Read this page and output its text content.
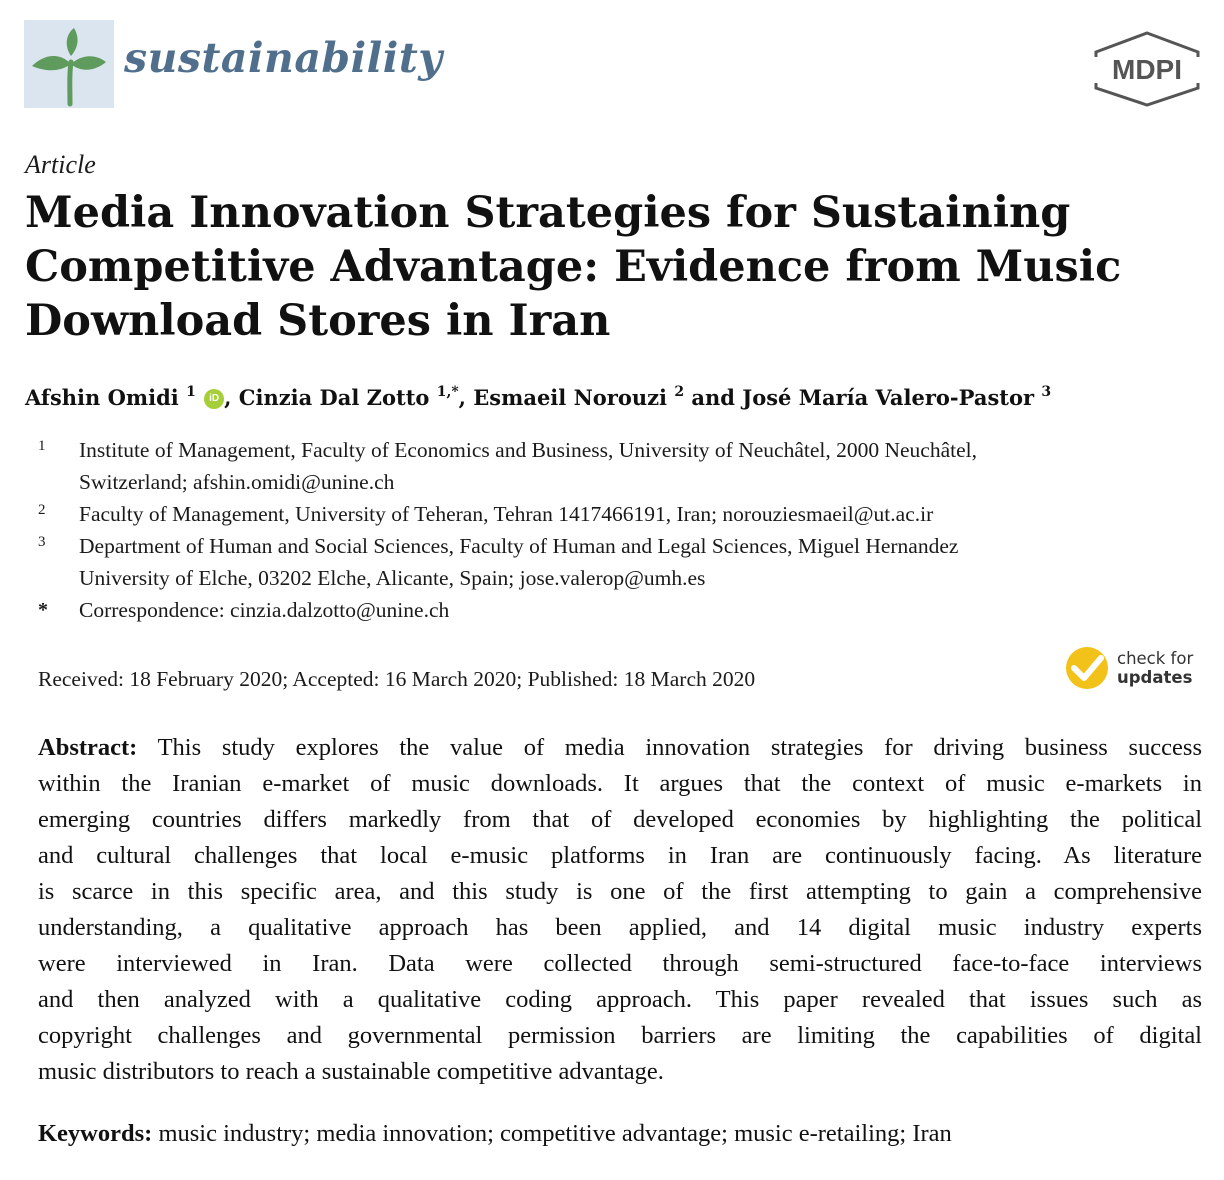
sustainability	MDPI
Article
Media Innovation Strategies for Sustaining
Competitive Advantage: Evidence from Music
Download Stores in Iran
Afshin Omidi $^1$ iD , Cinzia Dal Zotto $^{1,*}$, Esmaeil Norouzi $^2$ and José María Valero-Pastor $^3$
1 Institute of Management, Faculty of Economics and Business, University of Neuchâtel, 2000 Neuchâtel,
Switzerland; afshin.omidi@unine.ch
2 Faculty of Management, University of Teheran, Tehran 1417466191, Iran; norouziesmaeil@ut.ac.ir
3 Department of Human and Social Sciences, Faculty of Human and Legal Sciences, Miguel Hernandez
University of Elche, 03202 Elche, Alicante, Spain; jose.valerop@umh.es
* Correspondence: cinzia.dalzotto@unine.ch
Received: 18 February 2020; Accepted: 16 March 2020; Published: 18 March 2020
check for
updates
Abstract: This study explores the value of media innovation strategies for driving business success
within the Iranian e-market of music downloads. It argues that the context of music e-markets in
emerging countries differs markedly from that of developed economies by highlighting the political
and cultural challenges that local e-music platforms in Iran are continuously facing. As literature
is scarce in this specific area, and this study is one of the first attempting to gain a comprehensive
understanding, a qualitative approach has been applied, and 14 digital music industry experts
were interviewed in Iran. Data were collected through semi-structured face-to-face interviews
and then analyzed with a qualitative coding approach. This paper revealed that issues such as
copyright challenges and governmental permission barriers are limiting the capabilities of digital
music distributors to reach a sustainable competitive advantage.
Keywords: music industry; media innovation; competitive advantage; music e-retailing; Iran
